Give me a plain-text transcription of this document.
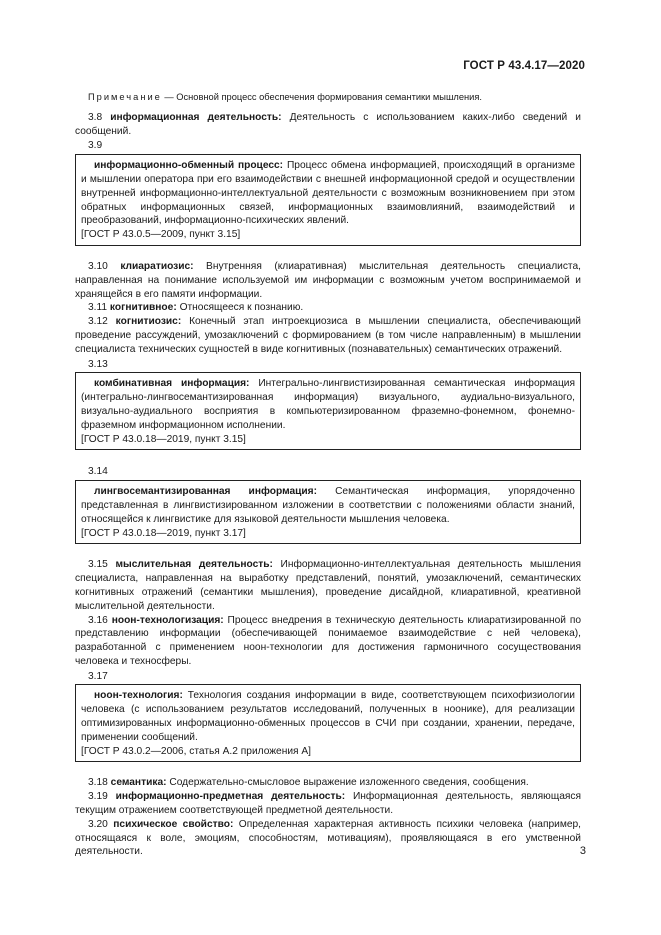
ГОСТ Р 43.4.17—2020

Примечание — Основной процесс обеспечения формирования семантики мышления.

3.8 информационная деятельность: Деятельность с использованием каких-либо сведений и сообщений.

3.9

информационно-обменный процесс: Процесс обмена информацией, происходящий в организме и мышлении оператора при его взаимодействии с внешней информационной средой и осуществлении внутренней информационно-интеллектуальной деятельности с возможным возникновением при этом обратных информационных связей, информационных взаимовлияний, взаимодействий и преобразований, информационно-психических явлений.

[ГОСТ Р 43.0.5—2009, пункт 3.15]

3.10 клиаратиозис: Внутренняя (клиаративная) мыслительная деятельность специалиста, направленная на понимание используемой им информации с возможным учетом воспринимаемой и хранящейся в его памяти информации.

3.11 когнитивное: Относящееся к познанию.

3.12 когнитиозис: Конечный этап интроекциозиса в мышлении специалиста, обеспечивающий проведение рассуждений, умозаключений с формированием (в том числе направленным) в мышлении специалиста технических сущностей в виде когнитивных (познавательных) семантических отражений.

3.13

комбинативная информация: Интегрально-лингвистизированная семантическая информация (интегрально-лингвосемантизированная информация) визуального, аудиально-визуального, визуально-аудиального восприятия в компьютеризированном фраземно-фонемном, фонемно-фраземном информационном исполнении.

[ГОСТ Р 43.0.18—2019, пункт 3.15]

3.14

лингвосемантизированная информация: Семантическая информация, упорядоченно представленная в лингвистизированном изложении в соответствии с положениями области знаний, относящейся к лингвистике для языковой деятельности мышления человека.

[ГОСТ Р 43.0.18—2019, пункт 3.17]

3.15 мыслительная деятельность: Информационно-интеллектуальная деятельность мышления специалиста, направленная на выработку представлений, понятий, умозаключений, семантических когнитивных отражений (семантики мышления), проведение дисайдной, клиаративной, креативной мыслительной деятельности.

3.16 ноон-технологизация: Процесс внедрения в техническую деятельность клиаратизированной по представлению информации (обеспечивающей понимаемое взаимодействие с ней человека), разработанной с применением ноон-технологии для достижения гармоничного сосуществования человека и техносферы.

3.17

ноон-технология: Технология создания информации в виде, соответствующем психофизиологии человека (с использованием результатов исследований, полученных в ноонике), для реализации оптимизированных информационно-обменных процессов в СЧИ при создании, хранении, передаче, применении сообщений.

[ГОСТ Р 43.0.2—2006, статья А.2 приложения А]

3.18 семантика: Содержательно-смысловое выражение изложенного сведения, сообщения.

3.19 информационно-предметная деятельность: Информационная деятельность, являющаяся текущим отражением соответствующей предметной деятельности.

3.20 психическое свойство: Определенная характерная активность психики человека (например, относящаяся к воле, эмоциям, способностям, мотивациям), проявляющаяся в его умственной деятельности.	3
